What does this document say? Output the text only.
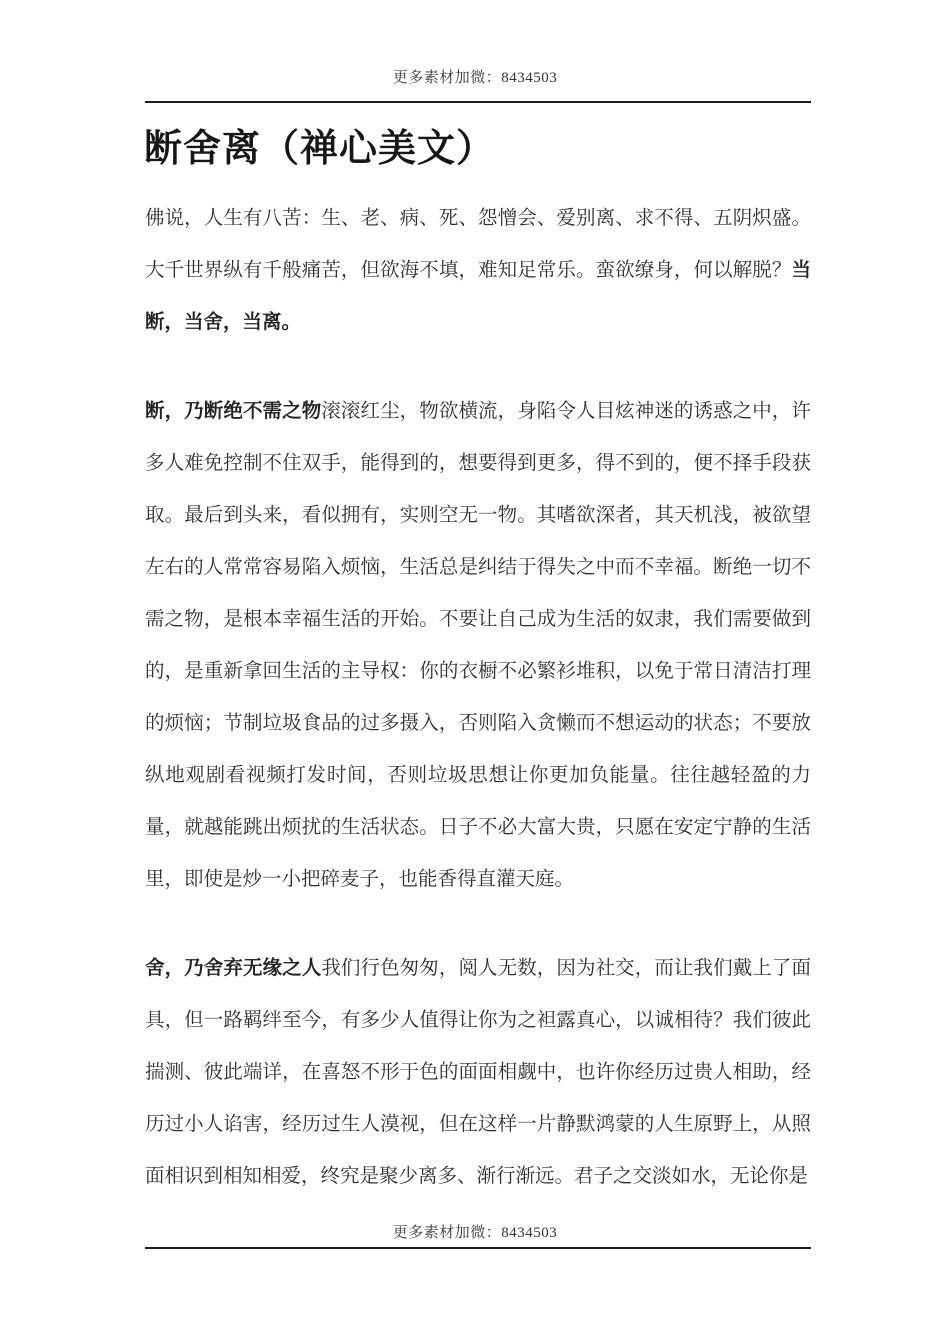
更多素材加微：8434503
断舍离（禅心美文）

佛说，人生有八苦：生、老、病、死、怨憎会、爱别离、求不得、五阴炽盛。大千世界纵有千般痛苦，但欲海不填，难知足常乐。蛮欲缭身，何以解脱？当断，当舍，当离。

断，乃断绝不需之物滚滚红尘，物欲横流，身陷令人目炫神迷的诱惑之中，许多人难免控制不住双手，能得到的，想要得到更多，得不到的，便不择手段获取。最后到头来，看似拥有，实则空无一物。其嗜欲深者，其天机浅，被欲望左右的人常常容易陷入烦恼，生活总是纠结于得失之中而不幸福。断绝一切不需之物，是根本幸福生活的开始。不要让自己成为生活的奴隶，我们需要做到的，是重新拿回生活的主导权：你的衣橱不必繁衫堆积，以免于常日清洁打理的烦恼；节制垃圾食品的过多摄入，否则陷入贪懒而不想运动的状态；不要放纵地观剧看视频打发时间，否则垃圾思想让你更加负能量。往往越轻盈的力量，就越能跳出烦扰的生活状态。日子不必大富大贵，只愿在安定宁静的生活里，即使是炒一小把碎麦子，也能香得直灌天庭。

舍，乃舍弃无缘之人我们行色匆匆，阅人无数，因为社交，而让我们戴上了面具，但一路羁绊至今，有多少人值得让你为之袒露真心，以诚相待？我们彼此揣测、彼此端详，在喜怒不形于色的面面相觑中，也许你经历过贵人相助，经历过小人谄害，经历过生人漠视，但在这样一片静默鸿蒙的人生原野上，从照面相识到相知相爱，终究是聚少离多、渐行渐远。君子之交淡如水，无论你是

更多素材加微：8434503
